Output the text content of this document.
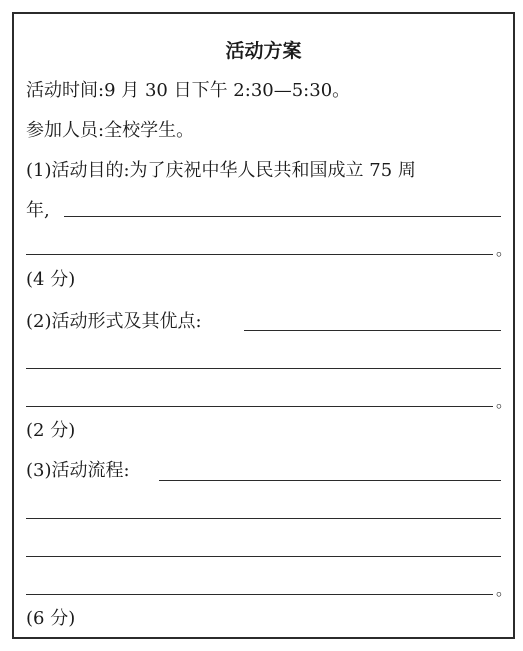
活动方案
活动时间:9 月 30 日下午 2:30—5:30。
参加人员:全校学生。
(1)活动目的:为了庆祝中华人民共和国成立 75 周
年,
。
(4 分)
(2)活动形式及其优点:
。
(2 分)
(3)活动流程:
。
(6 分)
